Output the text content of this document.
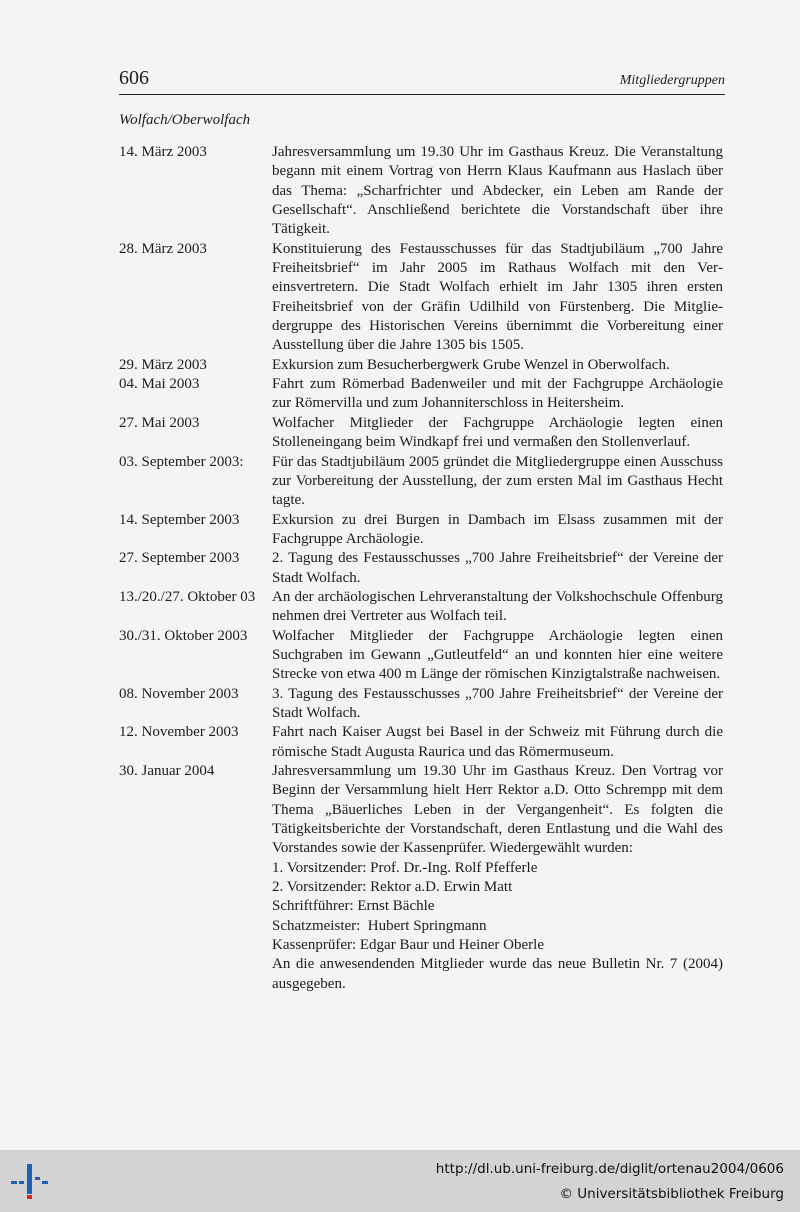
606	Mitgliedergruppen
Wolfach/Oberwolfach
14. März 2003	Jahresversammlung um 19.30 Uhr im Gasthaus Kreuz. Die Veranstaltung begann mit einem Vortrag von Herrn Klaus Kaufmann aus Haslach über das Thema: „Scharfrichter und Abdecker, ein Leben am Rande der Gesellschaft“. Anschließend berichtete die Vorstandschaft über ihre Tätigkeit.
28. März 2003	Konstituierung des Festausschusses für das Stadtjubiläum „700 Jahre Freiheitsbrief“ im Jahr 2005 im Rathaus Wolfach mit den Vereinsvertretern. Die Stadt Wolfach erhielt im Jahr 1305 ihren ersten Freiheitsbrief von der Gräfin Udilhild von Fürstenberg. Die Mitgliedergruppe des Historischen Vereins übernimmt die Vorbereitung einer Ausstellung über die Jahre 1305 bis 1505.
29. März 2003	Exkursion zum Besucherbergwerk Grube Wenzel in Oberwolfach.
04. Mai 2003	Fahrt zum Römerbad Badenweiler und mit der Fachgruppe Archäologie zur Römervilla und zum Johanniterschloss in Heitersheim.
27. Mai 2003	Wolfacher Mitglieder der Fachgruppe Archäologie legten einen Stolleneingang beim Windkapf frei und vermaßen den Stollenverlauf.
03. September 2003:	Für das Stadtjubiläum 2005 gründet die Mitgliedergruppe einen Ausschuss zur Vorbereitung der Ausstellung, der zum ersten Mal im Gasthaus Hecht tagte.
14. September 2003	Exkursion zu drei Burgen in Dambach im Elsass zusammen mit der Fachgruppe Archäologie.
27. September 2003	2. Tagung des Festausschusses „700 Jahre Freiheitsbrief“ der Vereine der Stadt Wolfach.
13./20./27. Oktober 03	An der archäologischen Lehrveranstaltung der Volkshochschule Offenburg nehmen drei Vertreter aus Wolfach teil.
30./31. Oktober 2003	Wolfacher Mitglieder der Fachgruppe Archäologie legten einen Suchgraben im Gewann „Gutleutfeld“ an und konnten hier eine weitere Strecke von etwa 400 m Länge der römischen Kinzigtalstraße nachweisen.
08. November 2003	3. Tagung des Festausschusses „700 Jahre Freiheitsbrief“ der Vereine der Stadt Wolfach.
12. November 2003	Fahrt nach Kaiser Augst bei Basel in der Schweiz mit Führung durch die römische Stadt Augusta Raurica und das Römermuseum.
30. Januar 2004	Jahresversammlung um 19.30 Uhr im Gasthaus Kreuz. Den Vortrag vor Beginn der Versammlung hielt Herr Rektor a.D. Otto Schrempp mit dem Thema „Bäuerliches Leben in der Vergangenheit“. Es folgten die Tätigkeitsberichte der Vorstandschaft, deren Entlastung und die Wahl des Vorstandes sowie der Kassenprüfer. Wiedergewählt wurden:
1. Vorsitzender: Prof. Dr.-Ing. Rolf Pfefferle
2. Vorsitzender: Rektor a.D. Erwin Matt
Schriftführer: Ernst Bächle
Schatzmeister:  Hubert Springmann
Kassenprüfer: Edgar Baur und Heiner Oberle
An die anwesendenden Mitglieder wurde das neue Bulletin Nr. 7 (2004) ausgegeben.
http://dl.ub.uni-freiburg.de/diglit/ortenau2004/0606
© Universitätsbibliothek Freiburg
